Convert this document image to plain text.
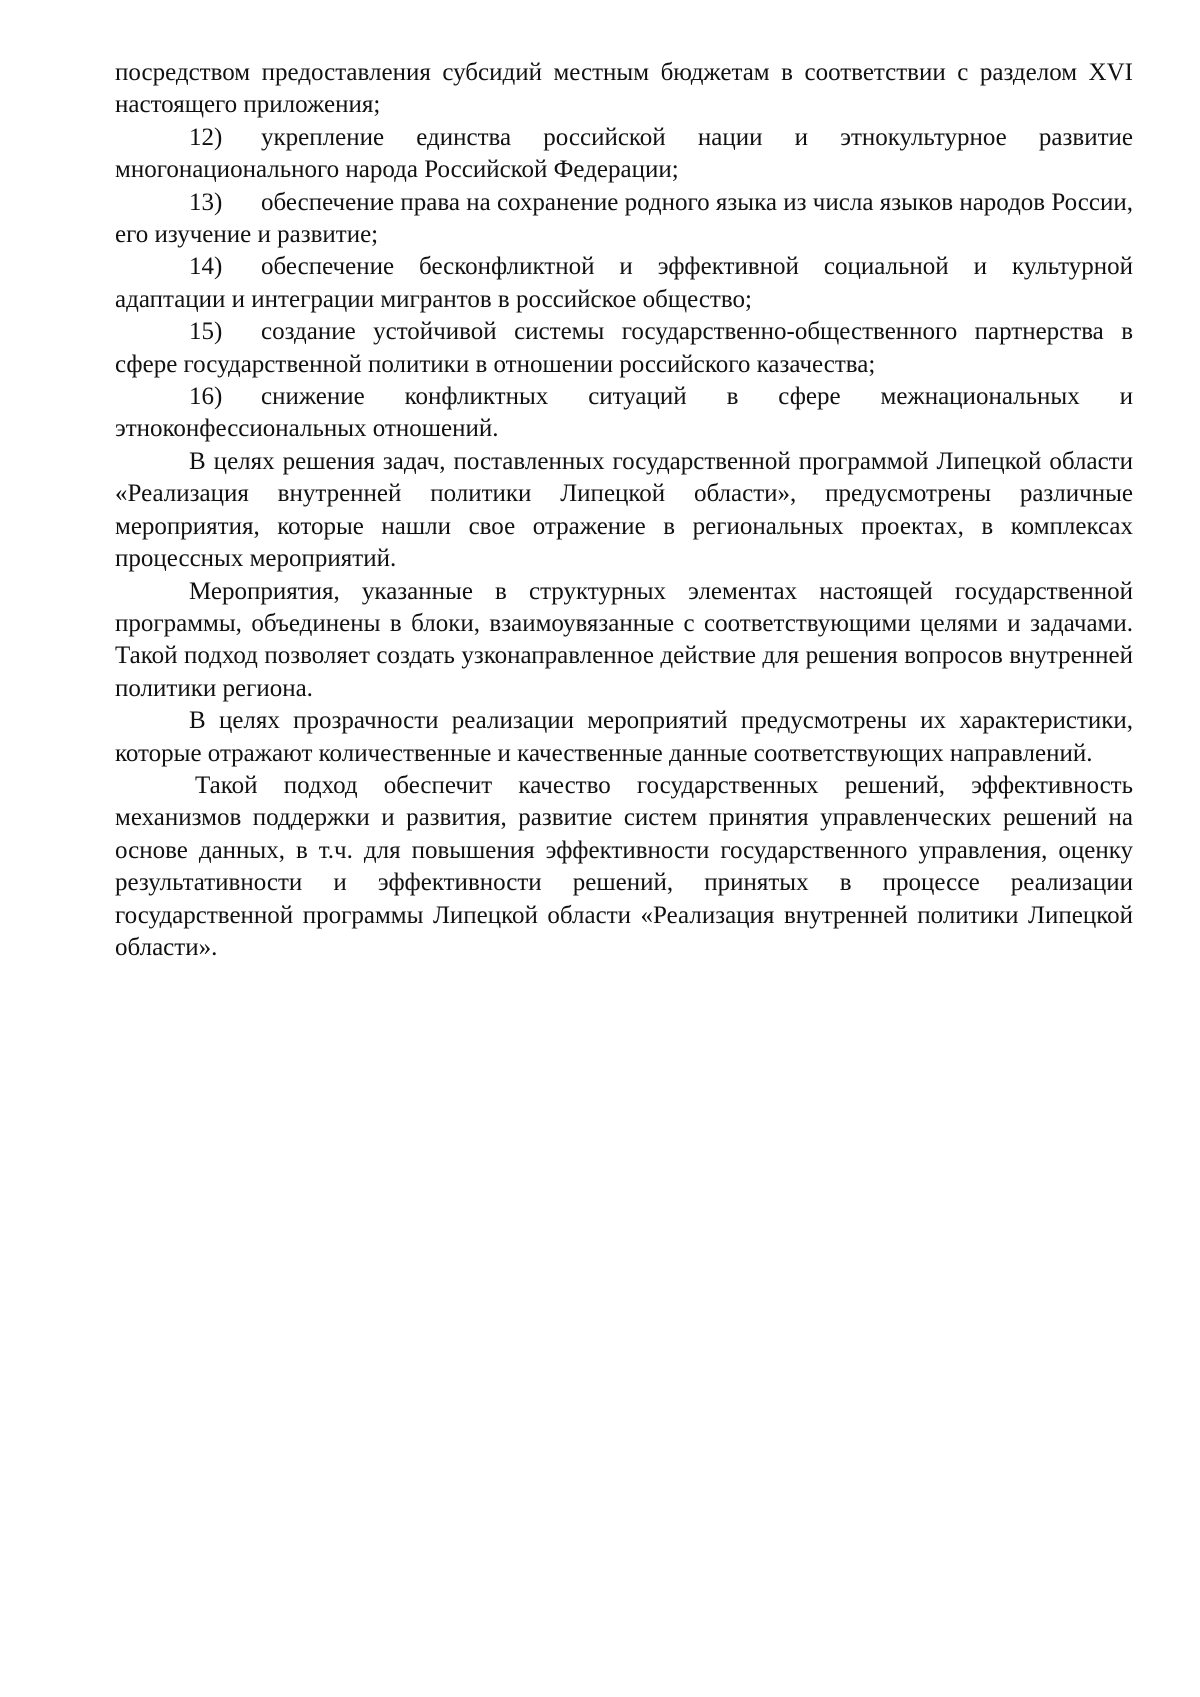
посредством предоставления субсидий местным бюджетам в соответствии с разделом XVI настоящего приложения;

12) укрепление единства российской нации и этнокультурное развитие многонационального народа Российской Федерации;

13) обеспечение права на сохранение родного языка из числа языков народов России, его изучение и развитие;

14) обеспечение бесконфликтной и эффективной социальной и культурной адаптации и интеграции мигрантов в российское общество;

15) создание устойчивой системы государственно-общественного партнерства в сфере государственной политики в отношении российского казачества;

16) снижение конфликтных ситуаций в сфере межнациональных и этноконфессиональных отношений.

В целях решения задач, поставленных государственной программой Липецкой области «Реализация внутренней политики Липецкой области», предусмотрены различные мероприятия, которые нашли свое отражение в региональных проектах, в комплексах процессных мероприятий.

Мероприятия, указанные в структурных элементах настоящей государственной программы, объединены в блоки, взаимоувязанные с соответствующими целями и задачами. Такой подход позволяет создать узконаправленное действие для решения вопросов внутренней политики региона.

В целях прозрачности реализации мероприятий предусмотрены их характеристики, которые отражают количественные и качественные данные соответствующих направлений.

Такой подход обеспечит качество государственных решений, эффективность механизмов поддержки и развития, развитие систем принятия управленческих решений на основе данных, в т.ч. для повышения эффективности государственного управления, оценку результативности и эффективности решений, принятых в процессе реализации государственной программы Липецкой области «Реализация внутренней политики Липецкой области».
